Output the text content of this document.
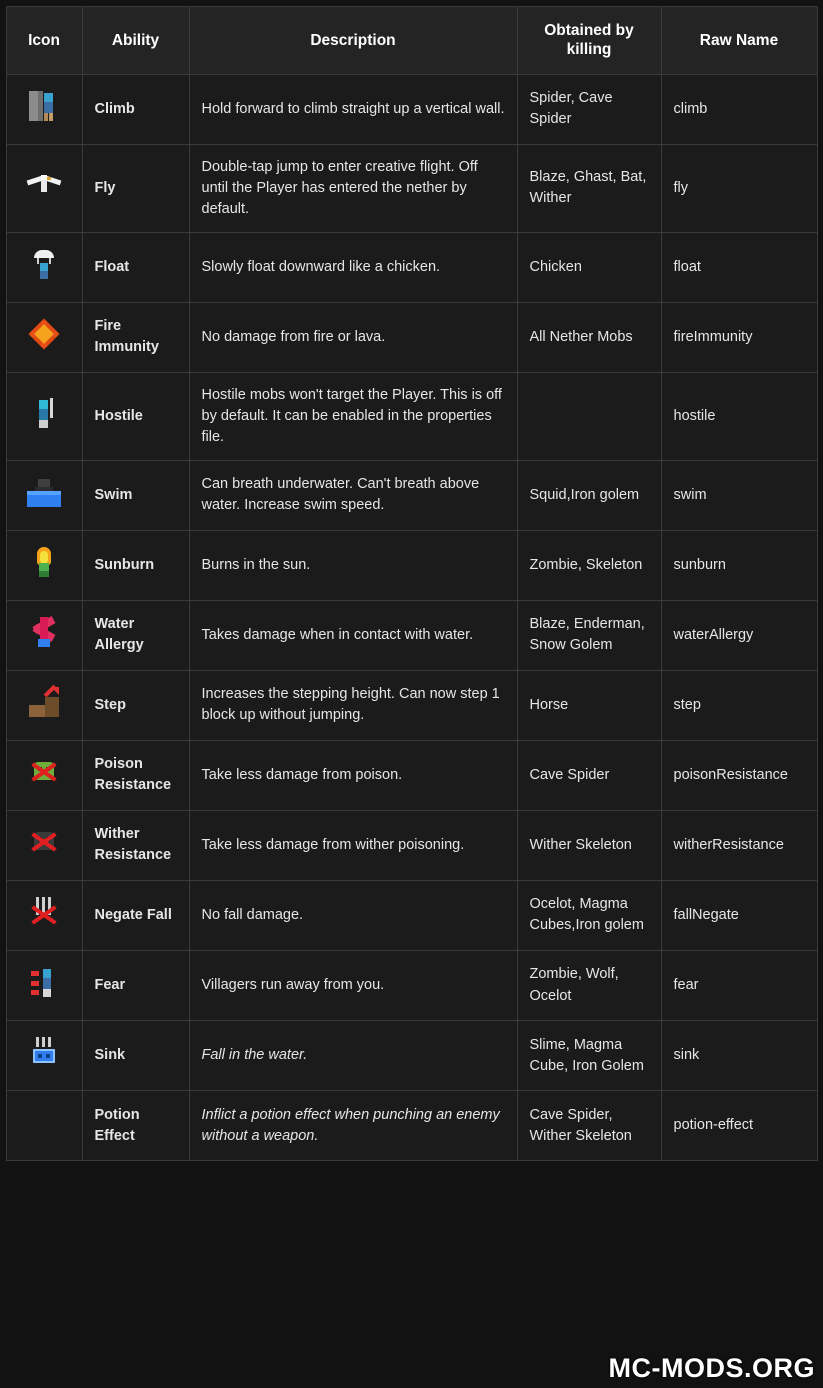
Icon	Ability	Description	Obtained by killing	Raw Name

	Climb	Hold forward to climb straight up a vertical wall.	Spider, Cave Spider	climb

	Fly	Double-tap jump to enter creative flight. Off until the Player has entered the nether by default.	Blaze, Ghast, Bat, Wither	fly

	Float	Slowly float downward like a chicken.	Chicken	float

	Fire Immunity	No damage from fire or lava.	All Nether Mobs	fireImmunity

	Hostile	Hostile mobs won't target the Player. This is off by default. It can be enabled in the properties file.		hostile

	Swim	Can breath underwater. Can't breath above water. Increase swim speed.	Squid,Iron golem	swim

	Sunburn	Burns in the sun.	Zombie, Skeleton	sunburn

	Water Allergy	Takes damage when in contact with water.	Blaze, Enderman, Snow Golem	waterAllergy

	Step	Increases the stepping height. Can now step 1 block up without jumping.	Horse	step

	Poison Resistance	Take less damage from poison.	Cave Spider	poisonResistance

	Wither Resistance	Take less damage from wither poisoning.	Wither Skeleton	witherResistance

	Negate Fall	No fall damage.	Ocelot, Magma Cubes,Iron golem	fallNegate

	Fear	Villagers run away from you.	Zombie, Wolf, Ocelot	fear

	Sink	Fall in the water.	Slime, Magma Cube, Iron Golem	sink
	Potion Effect	Inflict a potion effect when punching an enemy without a weapon.	Cave Spider, Wither Skeleton	potion-effect
MC-MODS.ORG
